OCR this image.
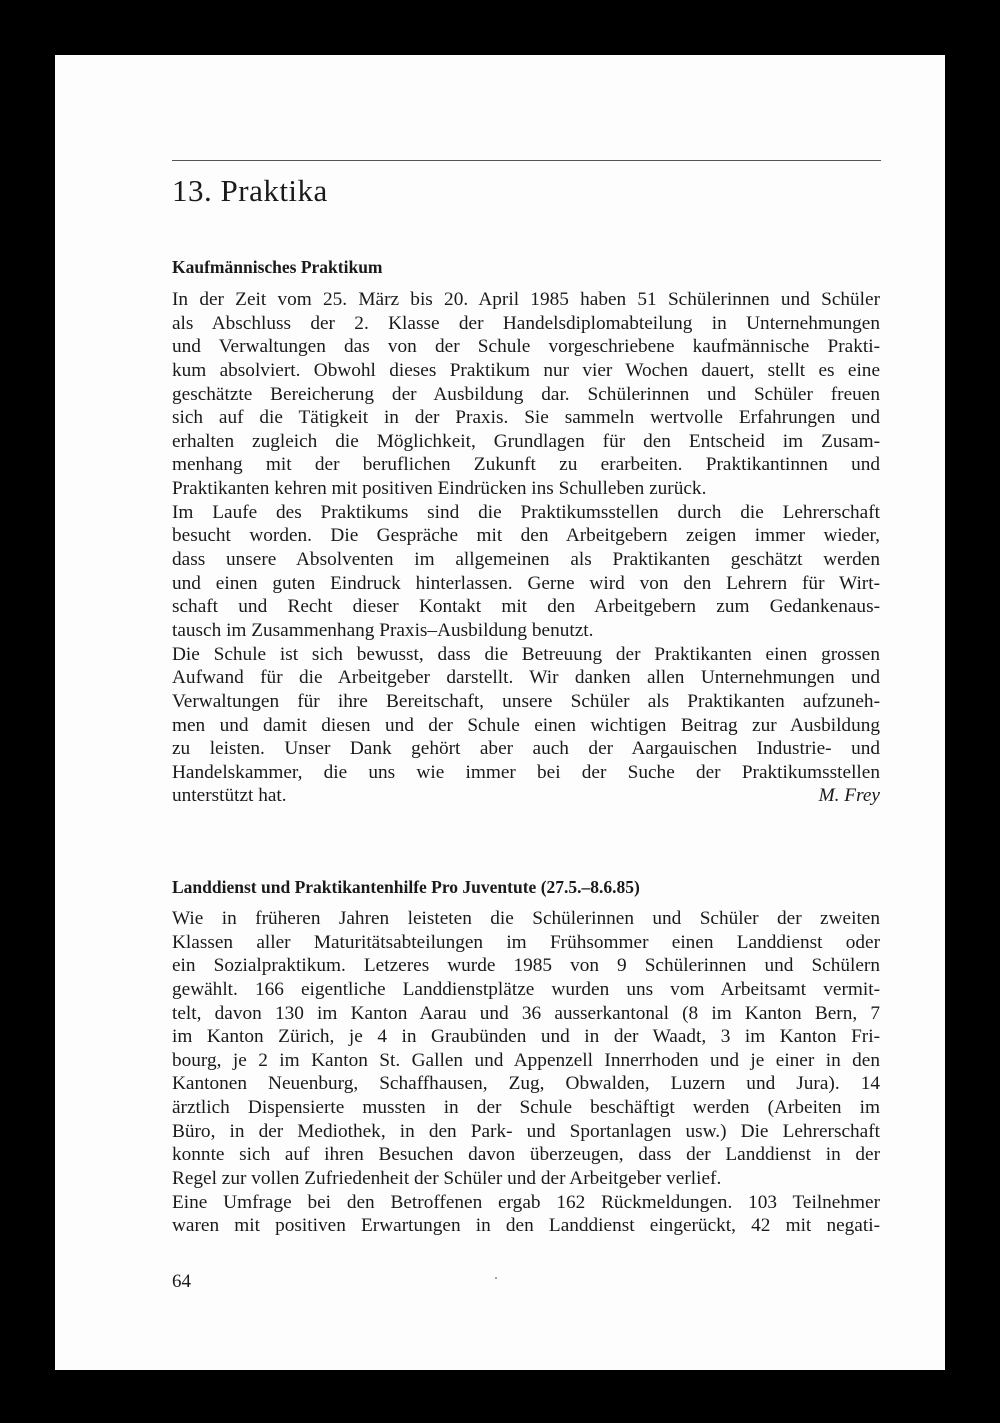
13. Praktika
Kaufmännisches Praktikum
In der Zeit vom 25. März bis 20. April 1985 haben 51 Schülerinnen und Schüler
als Abschluss der 2. Klasse der Handelsdiplomabteilung in Unternehmungen
und Verwaltungen das von der Schule vorgeschriebene kaufmännische Prakti-
kum absolviert. Obwohl dieses Praktikum nur vier Wochen dauert, stellt es eine
geschätzte Bereicherung der Ausbildung dar. Schülerinnen und Schüler freuen
sich auf die Tätigkeit in der Praxis. Sie sammeln wertvolle Erfahrungen und
erhalten zugleich die Möglichkeit, Grundlagen für den Entscheid im Zusam-
menhang mit der beruflichen Zukunft zu erarbeiten. Praktikantinnen und
Praktikanten kehren mit positiven Eindrücken ins Schulleben zurück.
Im Laufe des Praktikums sind die Praktikumsstellen durch die Lehrerschaft
besucht worden. Die Gespräche mit den Arbeitgebern zeigen immer wieder,
dass unsere Absolventen im allgemeinen als Praktikanten geschätzt werden
und einen guten Eindruck hinterlassen. Gerne wird von den Lehrern für Wirt-
schaft und Recht dieser Kontakt mit den Arbeitgebern zum Gedankenaus-
tausch im Zusammenhang Praxis–Ausbildung benutzt.
Die Schule ist sich bewusst, dass die Betreuung der Praktikanten einen grossen
Aufwand für die Arbeitgeber darstellt. Wir danken allen Unternehmungen und
Verwaltungen für ihre Bereitschaft, unsere Schüler als Praktikanten aufzuneh-
men und damit diesen und der Schule einen wichtigen Beitrag zur Ausbildung
zu leisten. Unser Dank gehört aber auch der Aargauischen Industrie- und
Handelskammer, die uns wie immer bei der Suche der Praktikumsstellen
unterstützt hat.	M. Frey
Landdienst und Praktikantenhilfe Pro Juventute (27.5.–8.6.85)
Wie in früheren Jahren leisteten die Schülerinnen und Schüler der zweiten
Klassen aller Maturitätsabteilungen im Frühsommer einen Landdienst oder
ein Sozialpraktikum. Letzeres wurde 1985 von 9 Schülerinnen und Schülern
gewählt. 166 eigentliche Landdienstplätze wurden uns vom Arbeitsamt vermit-
telt, davon 130 im Kanton Aarau und 36 ausserkantonal (8 im Kanton Bern, 7
im Kanton Zürich, je 4 in Graubünden und in der Waadt, 3 im Kanton Fri-
bourg, je 2 im Kanton St. Gallen und Appenzell Innerrhoden und je einer in den
Kantonen Neuenburg, Schaffhausen, Zug, Obwalden, Luzern und Jura). 14
ärztlich Dispensierte mussten in der Schule beschäftigt werden (Arbeiten im
Büro, in der Mediothek, in den Park- und Sportanlagen usw.) Die Lehrerschaft
konnte sich auf ihren Besuchen davon überzeugen, dass der Landdienst in der
Regel zur vollen Zufriedenheit der Schüler und der Arbeitgeber verlief.
Eine Umfrage bei den Betroffenen ergab 162 Rückmeldungen. 103 Teilnehmer
waren mit positiven Erwartungen in den Landdienst eingerückt, 42 mit negati-
64
